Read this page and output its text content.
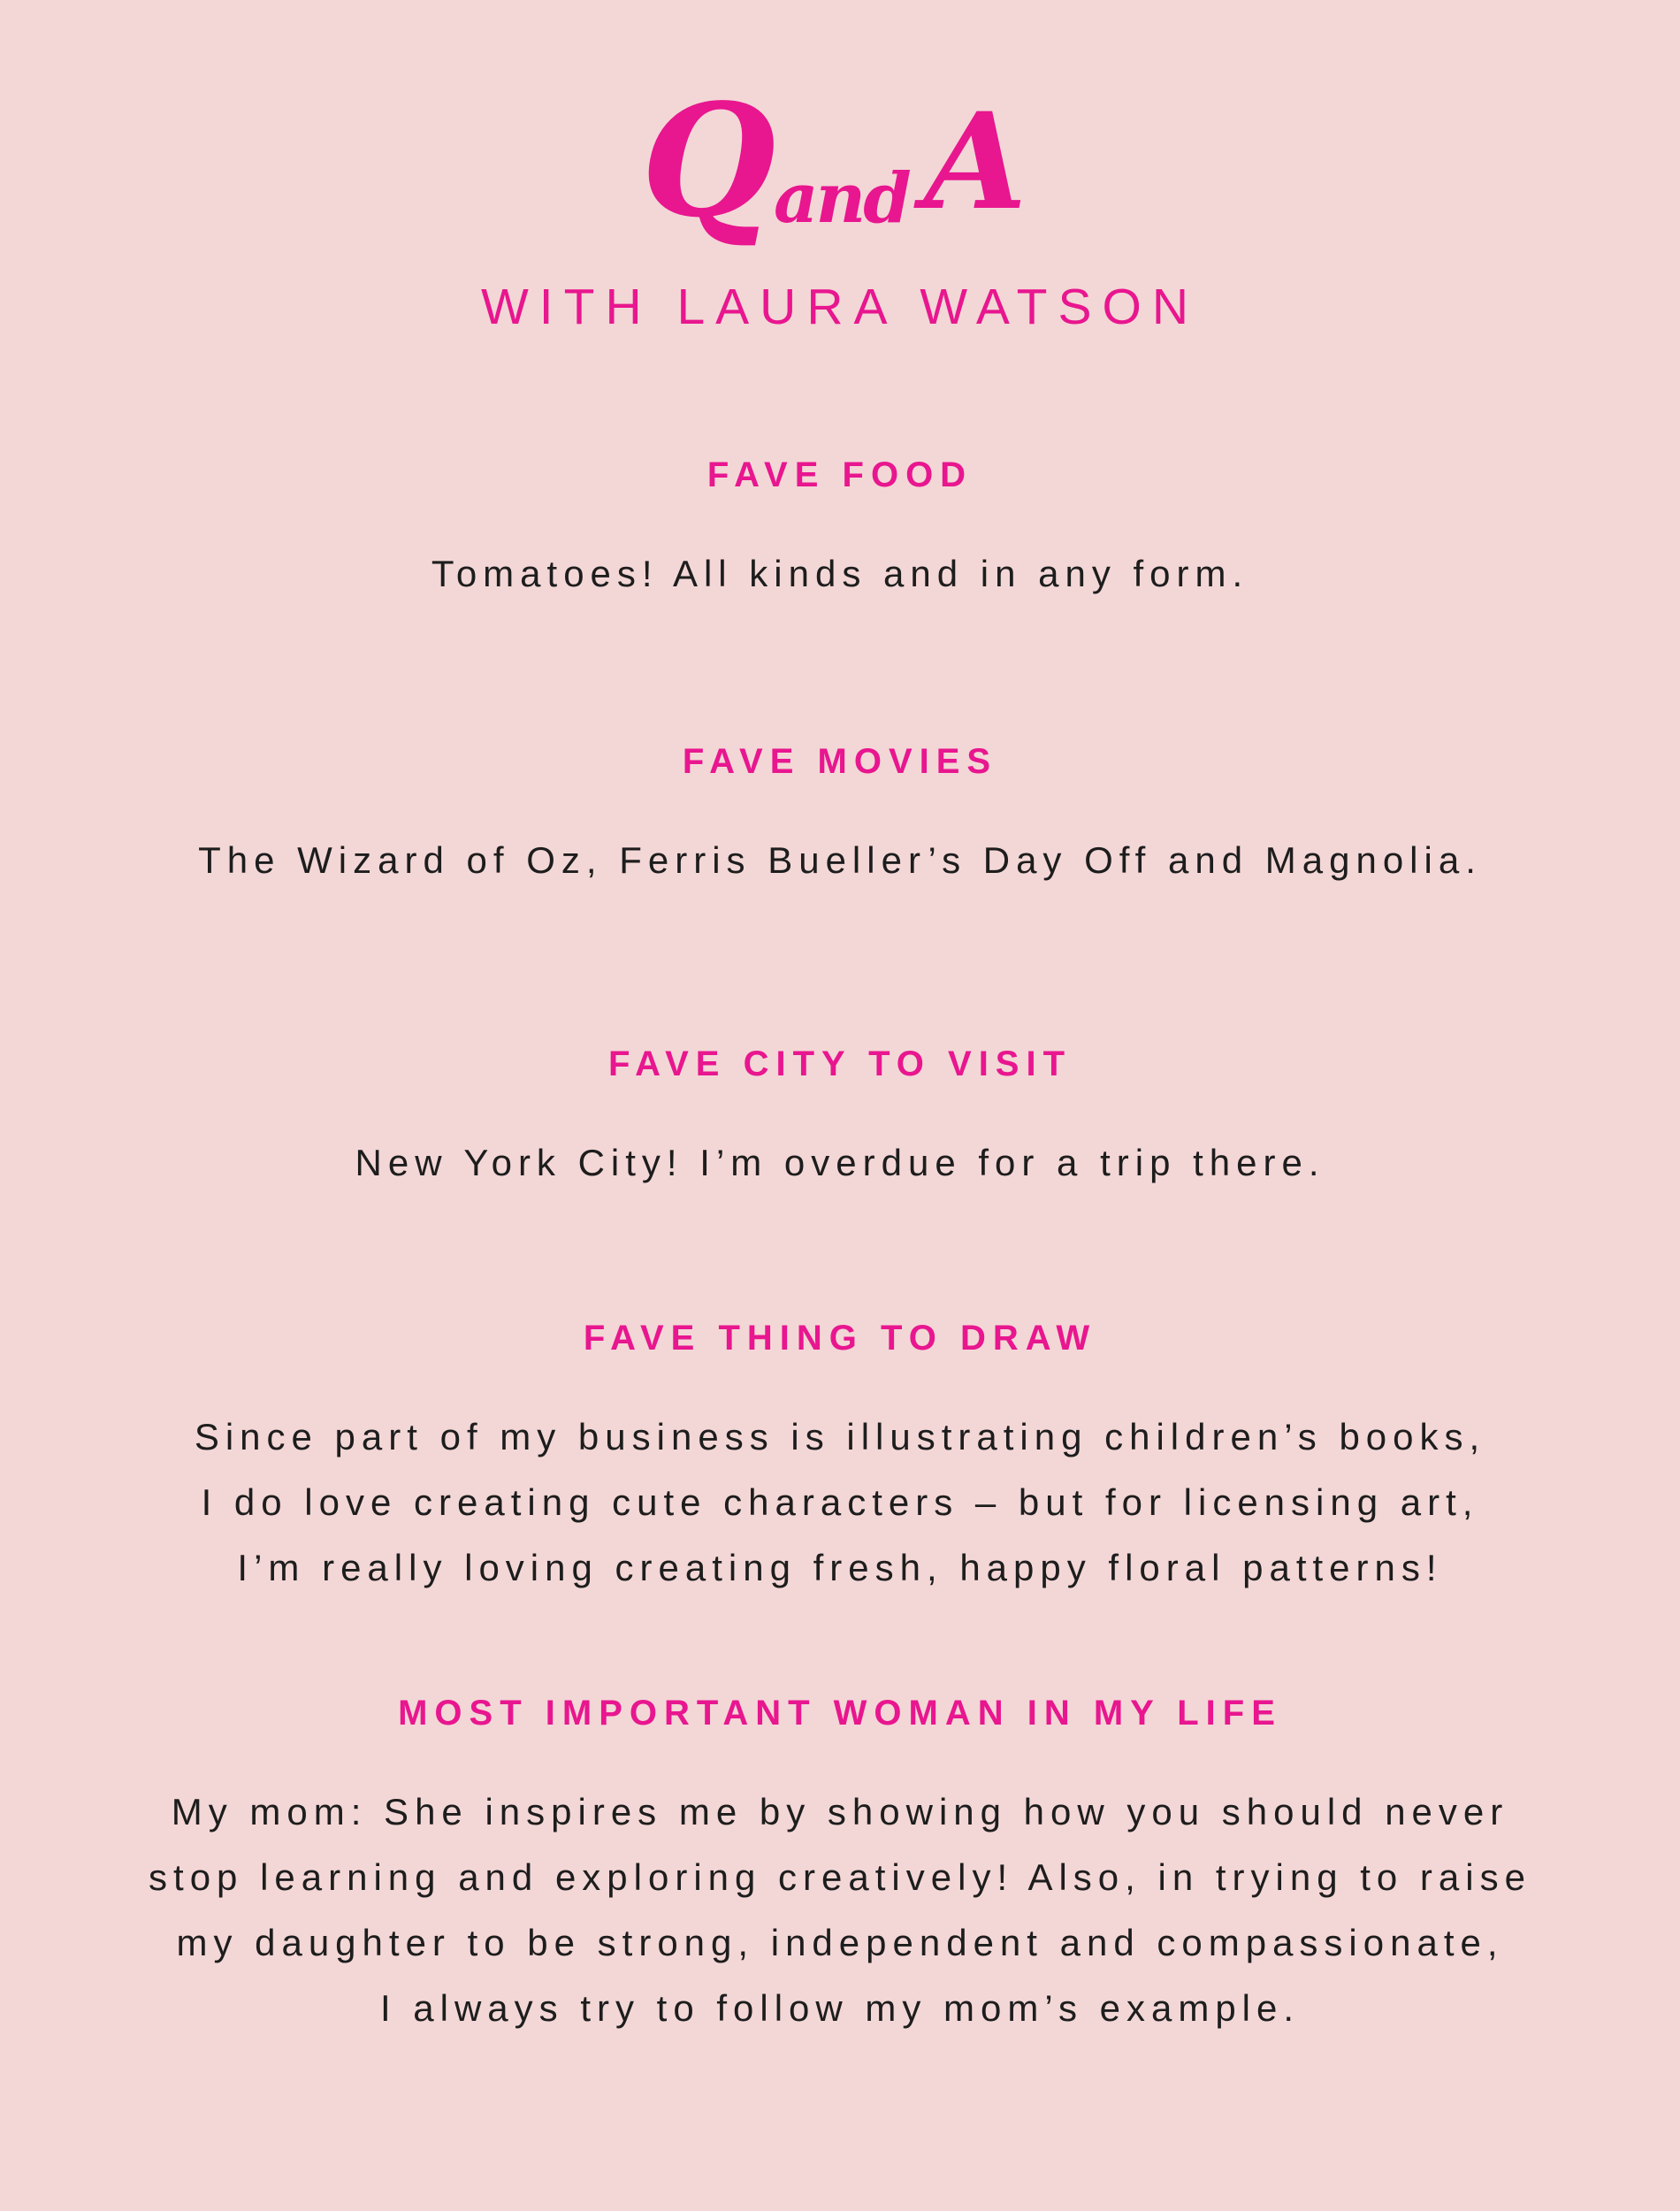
Q and A
WITH LAURA WATSON

FAVE FOOD

Tomatoes! All kinds and in any form.

FAVE MOVIES

The Wizard of Oz, Ferris Bueller’s Day Off and Magnolia.

FAVE CITY TO VISIT

New York City! I’m overdue for a trip there.

FAVE THING TO DRAW

Since part of my business is illustrating children’s books,
I do love creating cute characters – but for licensing art,
I’m really loving creating fresh, happy floral patterns!

MOST IMPORTANT WOMAN IN MY LIFE

My mom: She inspires me by showing how you should never
stop learning and exploring creatively! Also, in trying to raise
my daughter to be strong, independent and compassionate,
I always try to follow my mom’s example.
